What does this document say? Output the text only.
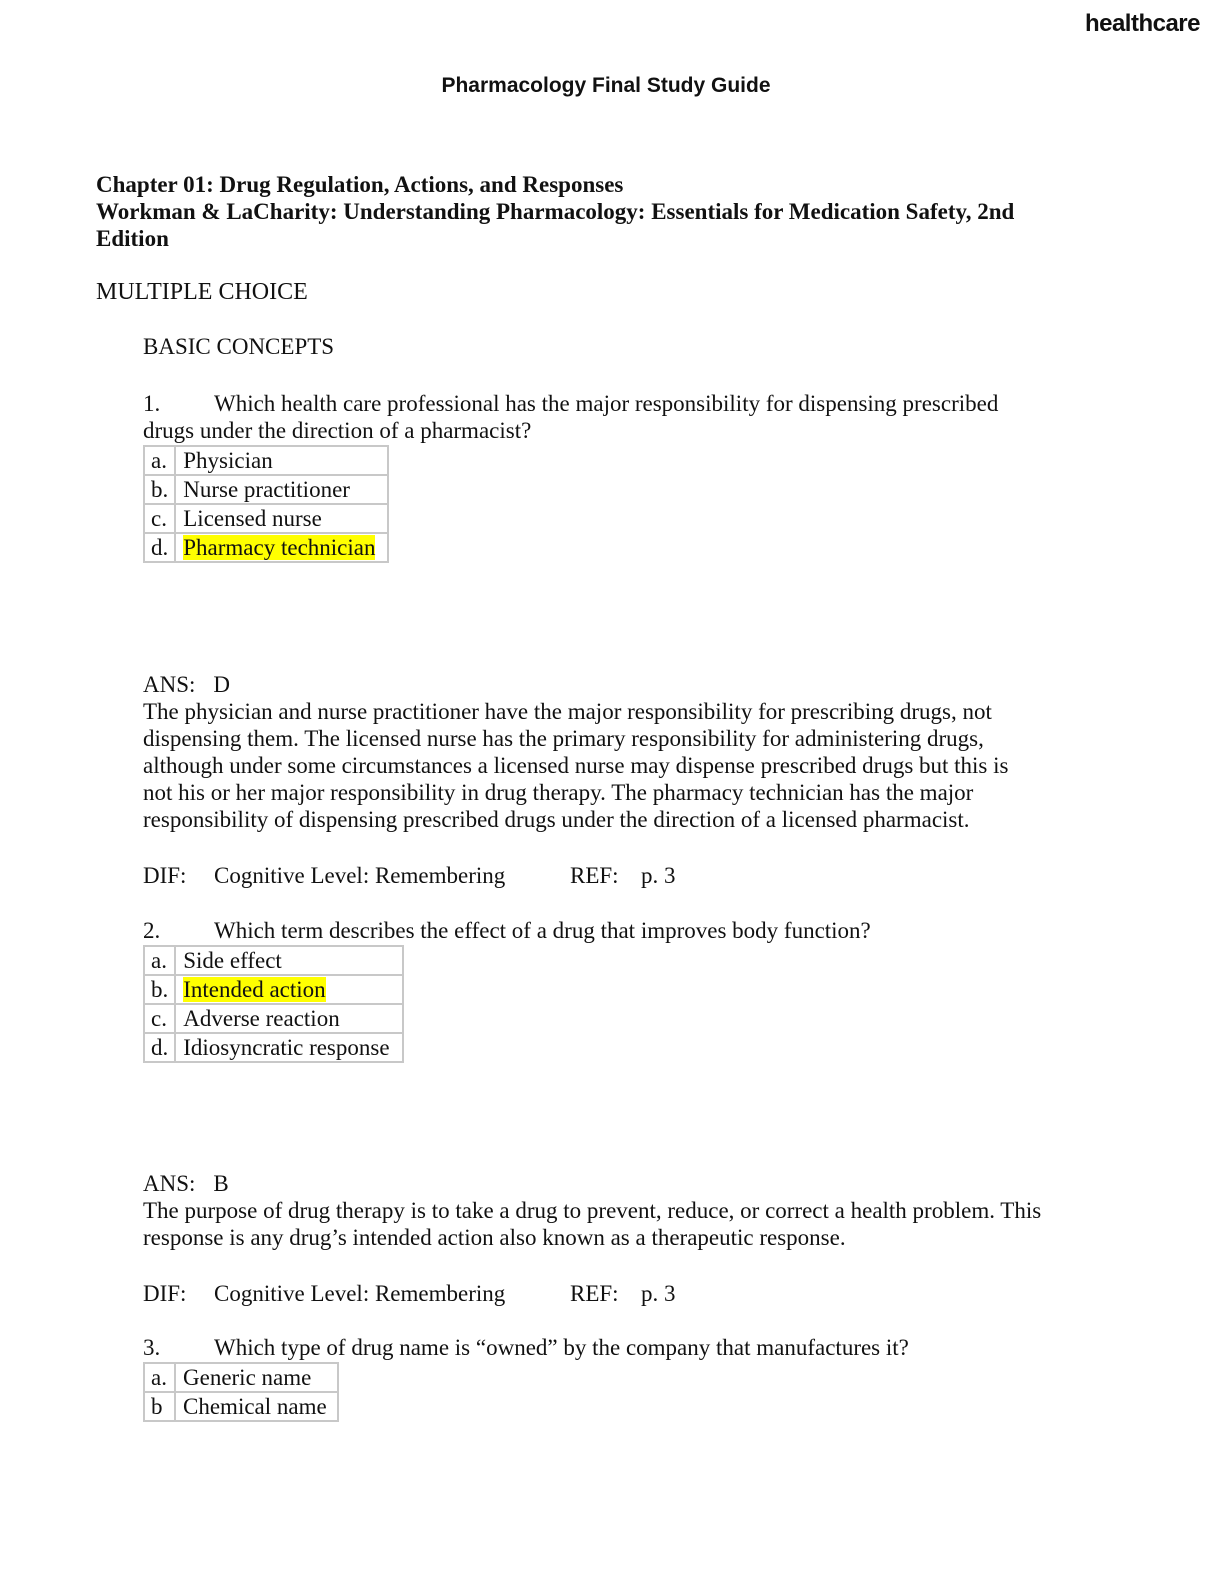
healthcare
Pharmacology Final Study Guide
Chapter 01: Drug Regulation, Actions, and Responses
Workman & LaCharity: Understanding Pharmacology: Essentials for Medication Safety, 2nd Edition
MULTIPLE CHOICE
BASIC CONCEPTS
1. Which health care professional has the major responsibility for dispensing prescribed drugs under the direction of a pharmacist?
a.	Physician
b.	Nurse practitioner
c.	Licensed nurse
d.	Pharmacy technician
ANS: D
The physician and nurse practitioner have the major responsibility for prescribing drugs, not dispensing them. The licensed nurse has the primary responsibility for administering drugs, although under some circumstances a licensed nurse may dispense prescribed drugs but this is not his or her major responsibility in drug therapy. The pharmacy technician has the major responsibility of dispensing prescribed drugs under the direction of a licensed pharmacist.
DIF: Cognitive Level: Remembering	REF: p. 3
2. Which term describes the effect of a drug that improves body function?
a.	Side effect
b.	Intended action
c.	Adverse reaction
d.	Idiosyncratic response
ANS: B
The purpose of drug therapy is to take a drug to prevent, reduce, or correct a health problem. This response is any drug’s intended action also known as a therapeutic response.
DIF: Cognitive Level: Remembering	REF: p. 3
3. Which type of drug name is “owned” by the company that manufactures it?
a.	Generic name
b	Chemical name
